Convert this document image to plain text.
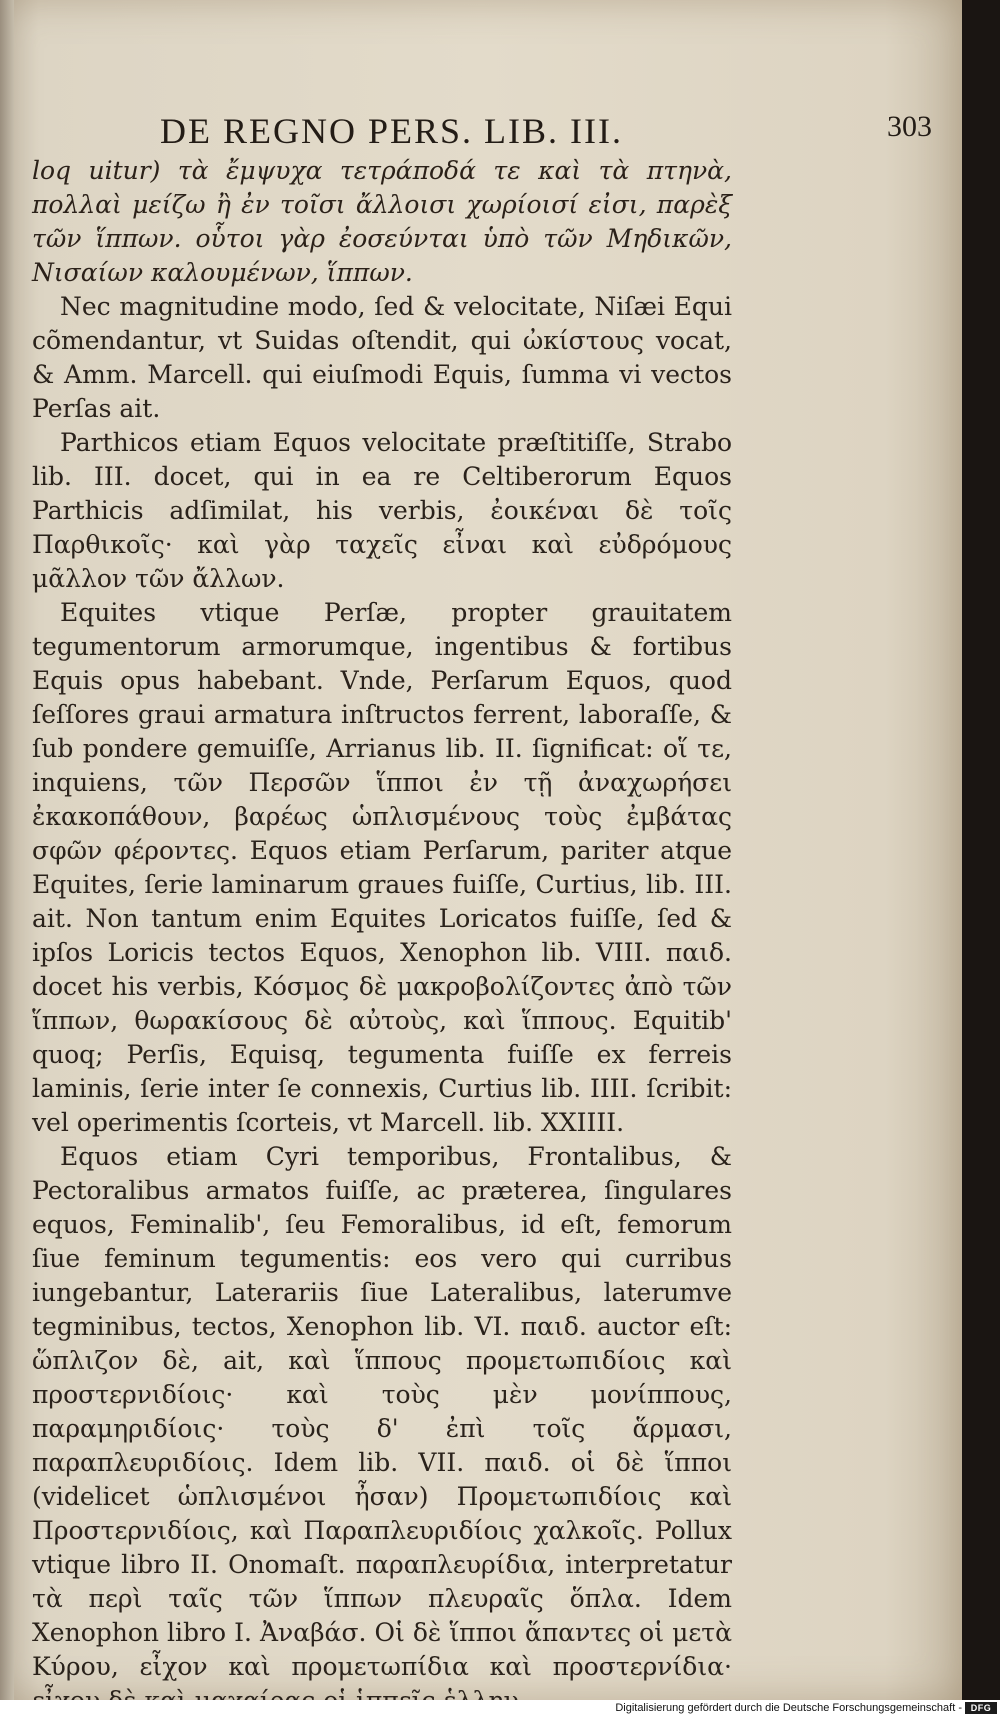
DE REGNO PERS. LIB. III.	303

loq uitur) τὰ ἔμψυχα τετράποδά τε καὶ τὰ πτηνὰ, πολλαὶ μείζω ἢ ἐν τοῖσι ἄλλοισι χωρίοισί εἰσι, παρὲξ τῶν ἵππων. οὗτοι γὰρ ἐοσεύνται ὑπὸ τῶν Μηδικῶν, Νισαίων καλουμένων, ἵππων.

Nec magnitudine modo, ſed & velocitate, Niſæi Equi cõmendantur, vt Suidas oſtendit, qui ὠκίστους vocat, & Amm. Marcell. qui eiuſmodi Equis, ſumma vi vectos Perſas ait.

Parthicos etiam Equos velocitate præſtitiſſe, Strabo lib. III. docet, qui in ea re Celtiberorum Equos Parthicis adſimilat, his verbis, ἐοικέναι δὲ τοῖς Παρθικοῖς· καὶ γὰρ ταχεῖς εἶναι καὶ εὐδρόμους μᾶλλον τῶν ἄλλων.

Equites vtique Perſæ, propter grauitatem tegumentorum armorumque, ingentibus & fortibus Equis opus habebant. Vnde, Perſarum Equos, quod ſeſſores graui armatura inſtructos ferrent, laboraſſe, & ſub pondere gemuiſſe, Arrianus lib. II. ſignificat: οἵ τε, inquiens, τῶν Περσῶν ἵπποι ἐν τῇ ἀναχωρήσει ἐκακοπάθουν, βαρέως ὡπλισμένους τοὺς ἐμβάτας σφῶν φέροντες. Equos etiam Perſarum, pariter atque Equites, ſerie laminarum graues fuiſſe, Curtius, lib. III. ait. Non tantum enim Equites Loricatos fuiſſe, ſed & ipſos Loricis tectos Equos, Xenophon lib. VIII. παιδ. docet his verbis, Κόσμος δὲ μακροβολίζοντες ἀπὸ τῶν ἵππων, θωρακίσους δὲ αὐτοὺς, καὶ ἵππους. Equitib' quoq; Perſis, Equisq, tegumenta fuiſſe ex ferreis laminis, ſerie inter ſe connexis, Curtius lib. IIII. ſcribit: vel operimentis ſcorteis, vt Marcell. lib. XXIIII.

Equos etiam Cyri temporibus, Frontalibus, & Pectoralibus armatos fuiſſe, ac præterea, ſingulares equos, Feminalib', ſeu Femoralibus, id eſt, femorum ſiue feminum tegumentis: eos vero qui curribus iungebantur, Laterariis ſiue Lateralibus, laterumve tegminibus, tectos, Xenophon lib. VI. παιδ. auctor eſt: ὥπλιζον δὲ, ait, καὶ ἵππους προμετωπιδίοις καὶ προστερνιδίοις· καὶ τοὺς μὲν μονίππους, παραμηριδίοις· τοὺς δ' ἐπὶ τοῖς ἅρμασι, παραπλευριδίοις. Idem lib. VII. παιδ. οἱ δὲ ἵπποι (videlicet ὡπλισμένοι ἦσαν) Προμετωπιδίοις καὶ Προστερνιδίοις, καὶ Παραπλευριδίοις χαλκοῖς. Pollux vtique libro II. Onomaſt. παραπλευρίδια, interpretatur τὰ περὶ ταῖς τῶν ἵππων πλευραῖς ὅπλα. Idem Xenophon libro I. Ἀναβάσ. Οἱ δὲ ἵπποι ἅπαντες οἱ μετὰ Κύρου, εἶχον καὶ προμετωπίδια καὶ προστερνίδια·

Digitalisierung gefördert durch die Deutsche Forschungsgemeinschaft - DFG
